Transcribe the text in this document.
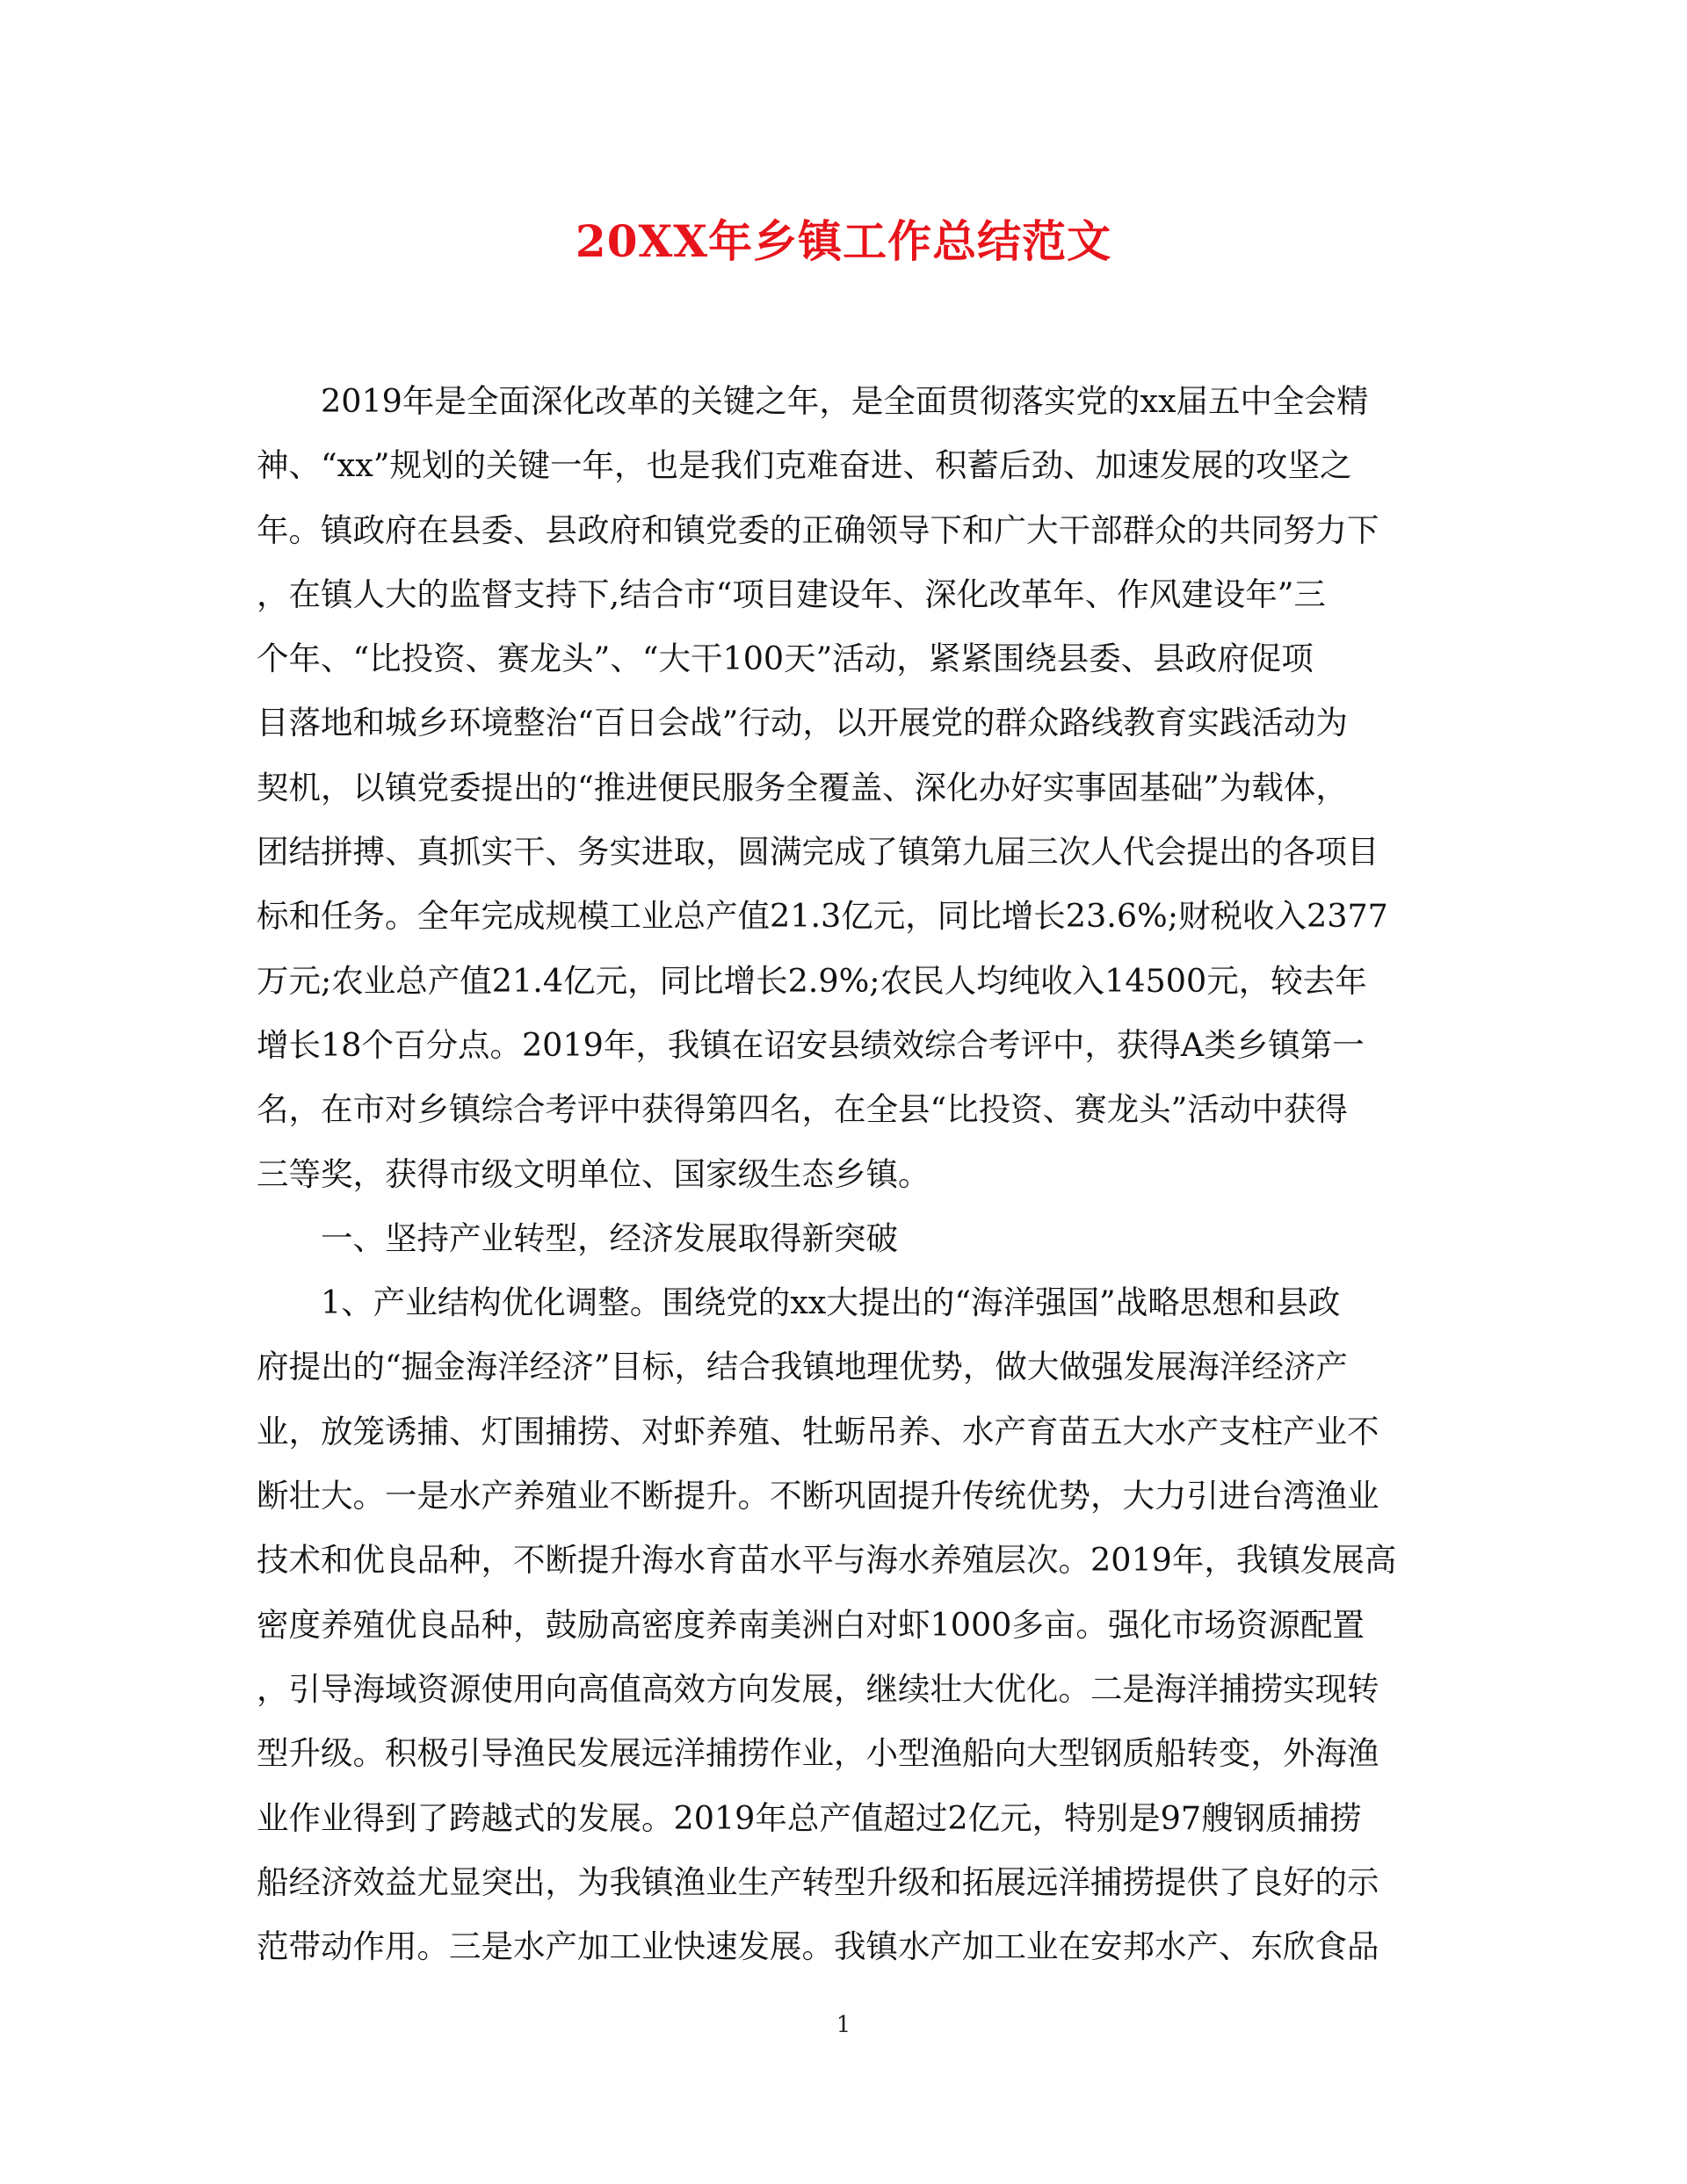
20XX年乡镇工作总结范文
2019年是全面深化改革的关键之年，是全面贯彻落实党的xx届五中全会精
神、“xx”规划的关键一年，也是我们克难奋进、积蓄后劲、加速发展的攻坚之
年。镇政府在县委、县政府和镇党委的正确领导下和广大干部群众的共同努力下
，在镇人大的监督支持下,结合市“项目建设年、深化改革年、作风建设年”三
个年、“比投资、赛龙头”、“大干100天”活动，紧紧围绕县委、县政府促项
目落地和城乡环境整治“百日会战”行动，以开展党的群众路线教育实践活动为
契机，以镇党委提出的“推进便民服务全覆盖、深化办好实事固基础”为载体，
团结拼搏、真抓实干、务实进取，圆满完成了镇第九届三次人代会提出的各项目
标和任务。全年完成规模工业总产值21.3亿元，同比增长23.6%;财税收入2377
万元;农业总产值21.4亿元，同比增长2.9%;农民人均纯收入14500元，较去年
增长18个百分点。2019年，我镇在诏安县绩效综合考评中，获得A类乡镇第一
名，在市对乡镇综合考评中获得第四名，在全县“比投资、赛龙头”活动中获得
三等奖，获得市级文明单位、国家级生态乡镇。
一、坚持产业转型，经济发展取得新突破
1、产业结构优化调整。围绕党的xx大提出的“海洋强国”战略思想和县政
府提出的“掘金海洋经济”目标，结合我镇地理优势，做大做强发展海洋经济产
业，放笼诱捕、灯围捕捞、对虾养殖、牡蛎吊养、水产育苗五大水产支柱产业不
断壮大。一是水产养殖业不断提升。不断巩固提升传统优势，大力引进台湾渔业
技术和优良品种，不断提升海水育苗水平与海水养殖层次。2019年，我镇发展高
密度养殖优良品种，鼓励高密度养南美洲白对虾1000多亩。强化市场资源配置
，引导海域资源使用向高值高效方向发展，继续壮大优化。二是海洋捕捞实现转
型升级。积极引导渔民发展远洋捕捞作业，小型渔船向大型钢质船转变，外海渔
业作业得到了跨越式的发展。2019年总产值超过2亿元，特别是97艘钢质捕捞
船经济效益尤显突出，为我镇渔业生产转型升级和拓展远洋捕捞提供了良好的示
范带动作用。三是水产加工业快速发展。我镇水产加工业在安邦水产、东欣食品
1
